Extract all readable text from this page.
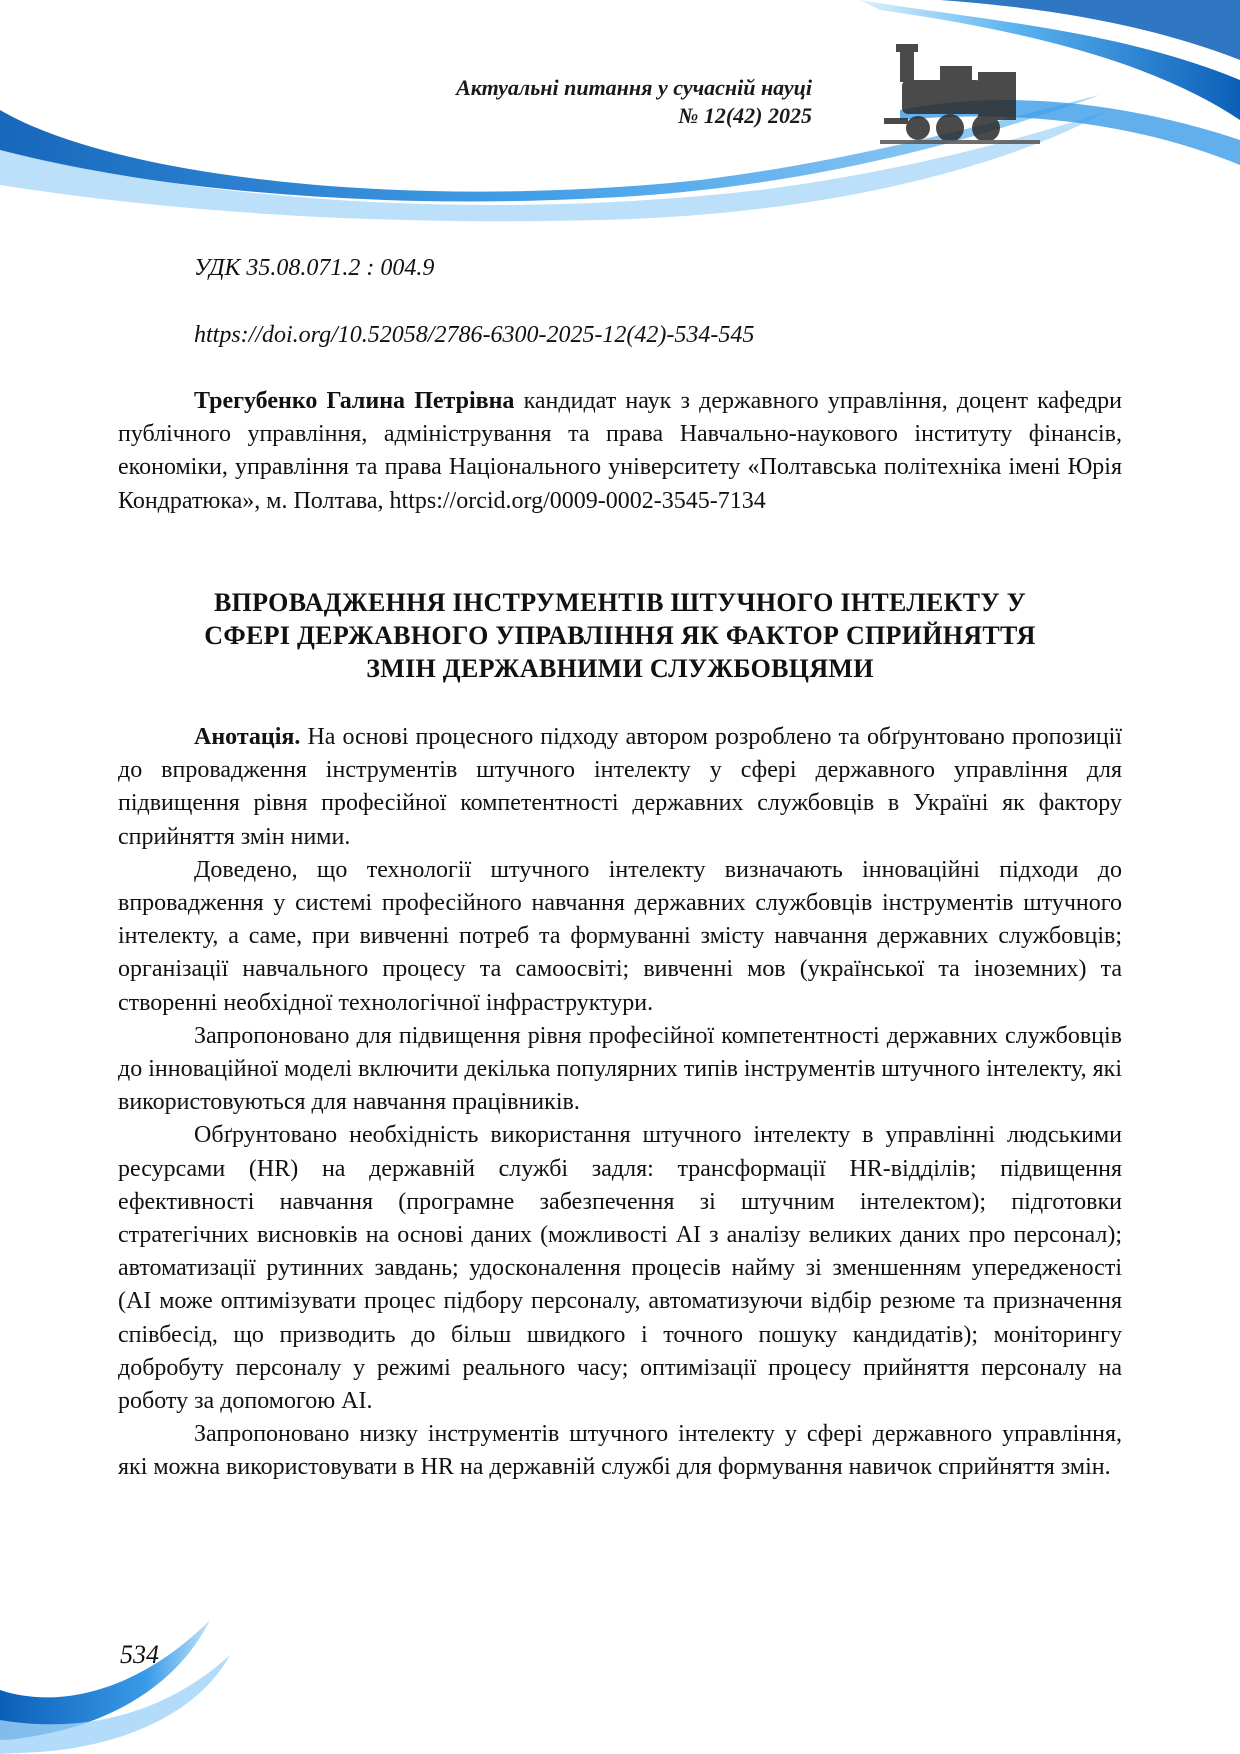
Актуальні питання у сучасній науці
№ 12(42) 2025
УДК 35.08.071.2 : 004.9
https://doi.org/10.52058/2786-6300-2025-12(42)-534-545

Трегубенко Галина Петрівна кандидат наук з державного управління, доцент кафедри публічного управління, адміністрування та права Навчально-наукового інституту фінансів, економіки, управління та права Національного університету «Полтавська політехніка імені Юрія Кондратюка», м. Полтава, https://orcid.org/0009-0002-3545-7134

ВПРОВАДЖЕННЯ ІНСТРУМЕНТІВ ШТУЧНОГО ІНТЕЛЕКТУ У
СФЕРІ ДЕРЖАВНОГО УПРАВЛІННЯ ЯК ФАКТОР СПРИЙНЯТТЯ
ЗМІН ДЕРЖАВНИМИ СЛУЖБОВЦЯМИ

Анотація. На основі процесного підходу автором розроблено та обґрунтовано пропозиції до впровадження інструментів штучного інтелекту у сфері державного управління для підвищення рівня професійної компетентності державних службовців в Україні як фактору сприйняття змін ними.

Доведено, що технології штучного інтелекту визначають інноваційні підходи до впровадження у системі професійного навчання державних службовців інструментів штучного інтелекту, а саме, при вивченні потреб та формуванні змісту навчання державних службовців; організації навчального процесу та самоосвіті; вивченні мов (української та іноземних) та створенні необхідної технологічної інфраструктури.

Запропоновано для підвищення рівня професійної компетентності державних службовців до інноваційної моделі включити декілька популярних типів інструментів штучного інтелекту, які використовуються для навчання працівників.

Обґрунтовано необхідність використання штучного інтелекту в управлінні людськими ресурсами (HR) на державній службі задля: трансформації HR-відділів; підвищення ефективності навчання (програмне забезпечення зі штучним інтелектом); підготовки стратегічних висновків на основі даних (можливості AI з аналізу великих даних про персонал); автоматизації рутинних завдань; удосконалення процесів найму зі зменшенням упередженості (AI може оптимізувати процес підбору персоналу, автоматизуючи відбір резюме та призначення співбесід, що призводить до більш швидкого і точного пошуку кандидатів); моніторингу добробуту персоналу у режимі реального часу; оптимізації процесу прийняття персоналу на роботу за допомогою AI.

Запропоновано низку інструментів штучного інтелекту у сфері державного управління, які можна використовувати в HR на державній службі для формування навичок сприйняття змін.

534
